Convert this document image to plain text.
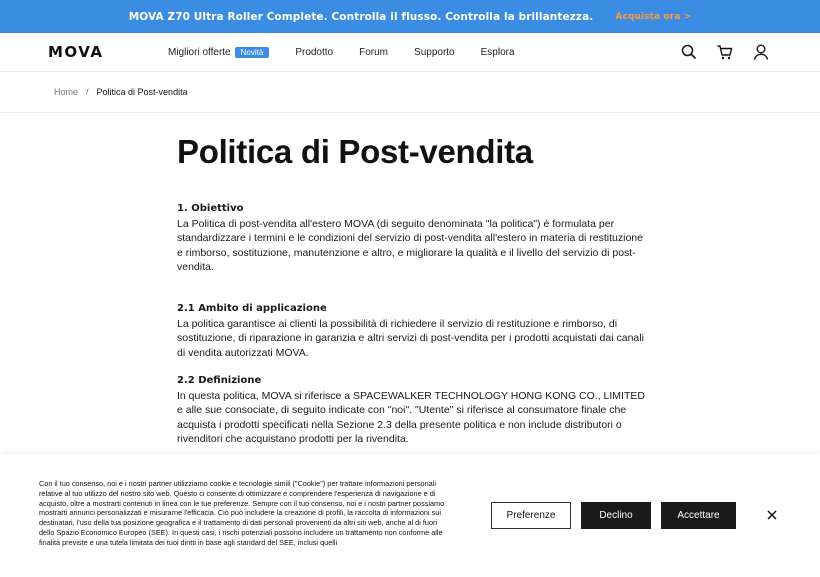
MOVA Z70 Ultra Roller Complete. Controlla il flusso. Controlla la brillantezza. Acquista ora >
MOVA	Migliori offerte	Novità	Prodotto	Forum	Supporto	Esplora
Home / Politica di Post-vendita
Politica di Post-vendita
1. Obiettivo

La Politica di post-vendita all'estero MOVA (di seguito denominata "la politica") è formulata per standardizzare i termini e le condizioni del servizio di post-vendita all'estero in materia di restituzione e rimborso, sostituzione, manutenzione e altro, e migliorare la qualità e il livello del servizio di post-vendita.

2.1 Ambito di applicazione

La politica garantisce ai clienti la possibilità di richiedere il servizio di restituzione e rimborso, di sostituzione, di riparazione in garanzia e altri servizi di post-vendita per i prodotti acquistati dai canali di vendita autorizzati MOVA.

2.2 Definizione

In questa politica, MOVA si riferisce a SPACEWALKER TECHNOLOGY HONG KONG CO., LIMITED e alle sue consociate, di seguito indicate con "noi". "Utente" si riferisce al consumatore finale che acquista i prodotti specificati nella Sezione 2.3 della presente politica e non include distributori o rivenditori che acquistano prodotti per la rivendita.

Con il tuo consenso, noi e i nostri partner utilizziamo cookie e tecnologie simili ("Cookie") per trattare informazioni personali relative al tuo utilizzo del nostro sito web. Questo ci consente di ottimizzare e comprendere l'esperienza di navigazione e di acquisto, oltre a mostrarti contenuti in linea con le tue preferenze. Sempre con il tuo consenso, noi e i nostri partner possiamo mostrarti annunci personalizzati e misurarne l'efficacia. Ciò può includere la creazione di profili, la raccolta di informazioni sui destinatari, l'uso della tua posizione geografica e il trattamento di dati personali provenienti da altri siti web, anche al di fuori dello Spazio Economico Europeo (SEE). In questi casi, i rischi potenziali possono includere un trattamento non conforme alle finalità previste e una tutela limitata dei tuoi diritti in base agli standard del SEE, inclusi quelli

Preferenze	Declino	Accettare
